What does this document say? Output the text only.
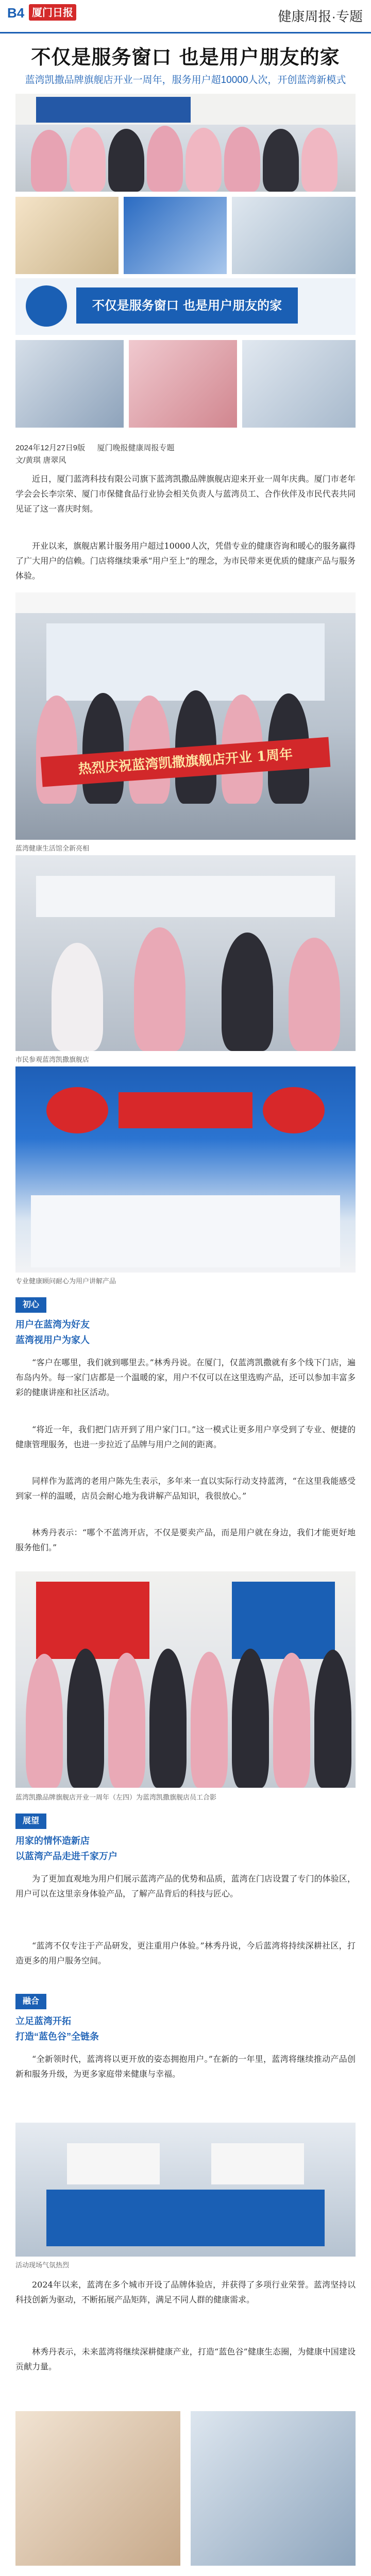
B4 厦门日报	健康周报·专题
不仅是服务窗口 也是用户朋友的家
蓝湾凯撒品牌旗舰店开业一周年，服务用户超10000人次，开创蓝湾新模式
不仅是服务窗口 也是用户朋友的家
2024年12月27日9版 　 厦门晚报健康周报专题
文/黄琪 唐翠风

近日，厦门蓝湾科技有限公司旗下蓝湾凯撒品牌旗舰店迎来开业一周年庆典。厦门市老年学会会长李宗荣、厦门市保健食品行业协会相关负责人与蓝湾员工、合作伙伴及市民代表共同见证了这一喜庆时刻。

开业以来，旗舰店累计服务用户超过10000人次，凭借专业的健康咨询和暖心的服务赢得了广大用户的信赖。门店将继续秉承“用户至上”的理念，为市民带来更优质的健康产品与服务体验。

热烈庆祝蓝湾凯撒旗舰店开业 1周年
蓝湾健康生活馆全新亮相
市民参观蓝湾凯撒旗舰店
专业健康顾问耐心为用户讲解产品
初心
用户在蓝湾为好友
蓝湾视用户为家人

“客户在哪里，我们就到哪里去。”林秀丹说。在厦门，仅蓝湾凯撒就有多个线下门店，遍布岛内外。每一家门店都是一个温暖的家，用户不仅可以在这里选购产品，还可以参加丰富多彩的健康讲座和社区活动。

“将近一年，我们把门店开到了用户家门口。”这一模式让更多用户享受到了专业、便捷的健康管理服务，也进一步拉近了品牌与用户之间的距离。

同样作为蓝湾的老用户陈先生表示，多年来一直以实际行动支持蓝湾，“在这里我能感受到家一样的温暖，店员会耐心地为我讲解产品知识，我很放心。”

林秀丹表示：“哪个不蓝湾开店，不仅是要卖产品，而是用户就在身边，我们才能更好地服务他们。”

蓝湾凯撒品牌旗舰店开业一周年（左四）为蓝湾凯撒旗舰店员工合影
展望
用家的情怀造新店
以蓝湾产品走进千家万户

为了更加直观地为用户们展示蓝湾产品的优势和品质，蓝湾在门店设置了专门的体验区，用户可以在这里亲身体验产品，了解产品背后的科技与匠心。

“蓝湾不仅专注于产品研发，更注重用户体验。”林秀丹说，今后蓝湾将持续深耕社区，打造更多的用户服务空间。

融合
立足蓝湾开拓
打造“蓝色谷”全链条

“全新领时代，蓝湾将以更开放的姿态拥抱用户。”在新的一年里，蓝湾将继续推动产品创新和服务升级，为更多家庭带来健康与幸福。

活动现场气氛热烈

2024年以来，蓝湾在多个城市开设了品牌体验店，并获得了多项行业荣誉。蓝湾坚持以科技创新为驱动，不断拓展产品矩阵，满足不同人群的健康需求。

林秀丹表示，未来蓝湾将继续深耕健康产业，打造“蓝色谷”健康生态圈，为健康中国建设贡献力量。
